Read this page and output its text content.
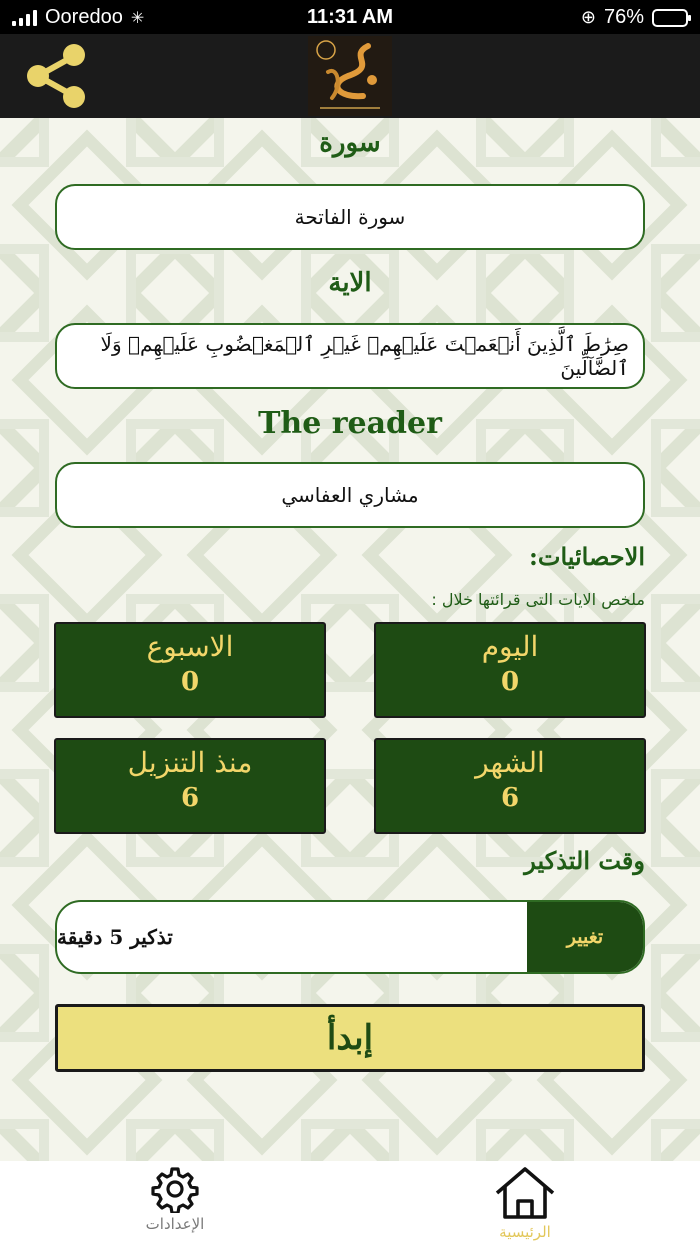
Ooredoo ✳	11:31 AM	⊕ 76%
سورة
سورة الفاتحة
الاية
صِرَٰطَ ٱلَّذِينَ أَنۡعَمۡتَ عَلَيۡهِمۡ غَيۡرِ ٱلۡمَغۡضُوبِ عَلَيۡهِمۡ وَلَا ٱلضَّآلِّينَ
The reader
مشاري العفاسي
الاحصائيات:
ملخص الايات التى قرائتها خلال :
اليوم
0
الاسبوع
0
الشهر
6
منذ التنزيل
6
وقت التذكير
تذكير 5 دقيقة	تغيير
إبدأ
الإعدادات	الرئيسية
